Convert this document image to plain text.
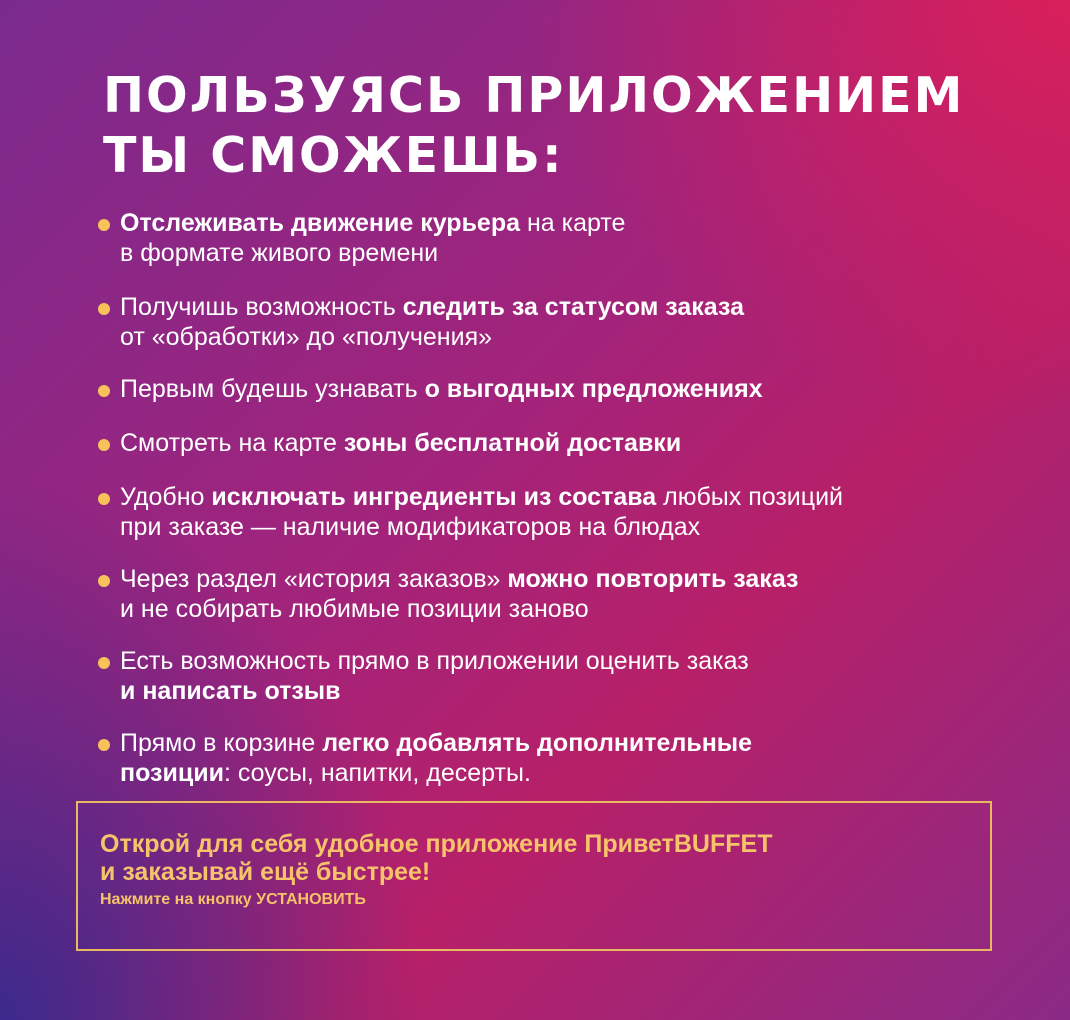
ПОЛЬЗУЯСЬ ПРИЛОЖЕНИЕМ
ТЫ СМОЖЕШЬ:
Отслеживать движение курьера на карте
в формате живого времени
Получишь возможность следить за статусом заказа
от «обработки» до «получения»
Первым будешь узнавать о выгодных предложениях
Смотреть на карте зоны бесплатной доставки
Удобно исключать ингредиенты из состава любых позиций
при заказе — наличие модификаторов на блюдах
Через раздел «история заказов» можно повторить заказ
и не собирать любимые позиции заново
Есть возможность прямо в приложении оценить заказ
и написать отзыв
Прямо в корзине легко добавлять дополнительные
позиции: соусы, напитки, десерты.

Открой для себя удобное приложение ПриветBUFFET

и заказывай ещё быстрее!

Нажмите на кнопку УСТАНОВИТЬ
